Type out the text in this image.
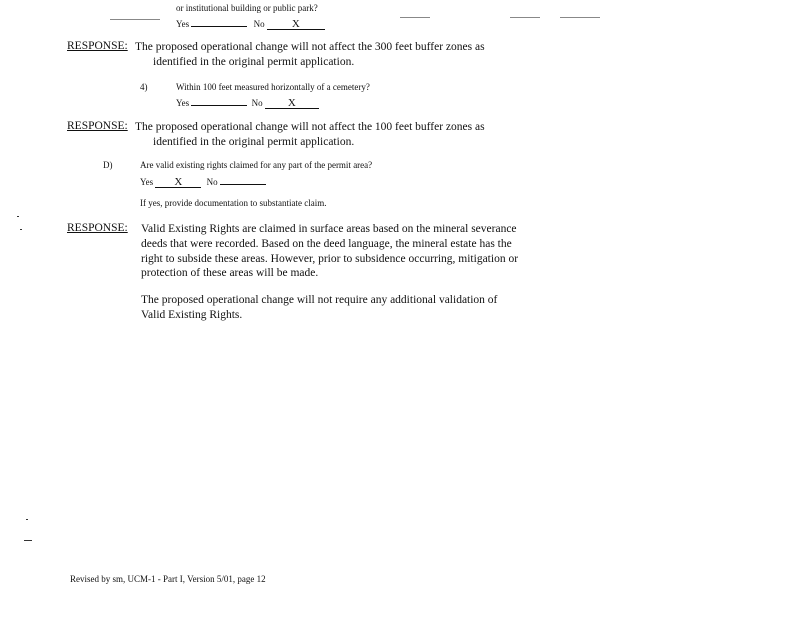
or institutional building or public park?
Yes	No X
RESPONSE: The proposed operational change will not affect the 300 feet buffer zones as
identified in the original permit application.
4)	Within 100 feet measured horizontally of a cemetery?
Yes	No X
RESPONSE: The proposed operational change will not affect the 100 feet buffer zones as
identified in the original permit application.
D)	Are valid existing rights claimed for any part of the permit area?
Yes X	No
If yes, provide documentation to substantiate claim.
RESPONSE: Valid Existing Rights are claimed in surface areas based on the mineral severance
deeds that were recorded. Based on the deed language, the mineral estate has the
right to subside these areas. However, prior to subsidence occurring, mitigation or
protection of these areas will be made.
The proposed operational change will not require any additional validation of
Valid Existing Rights.
Revised by sm, UCM-1 - Part I, Version 5/01, page 12
